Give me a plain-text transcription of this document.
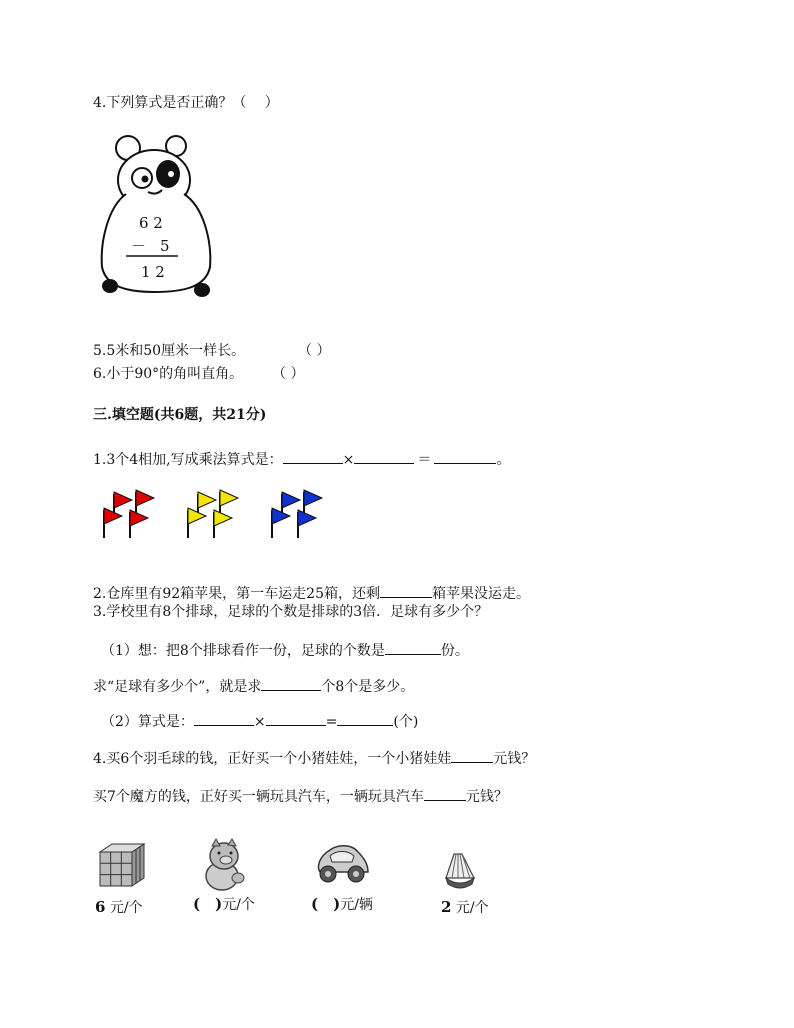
4.下列算式是否正确？（　 ）
6 2
－ 5
1 2
5.5米和50厘米一样长。	（ ）
6.小于90°的角叫直角。 （ ）
三.填空题(共6题，共21分)
1.3个4相加,写成乘法算式是：	×	＝	。
2.仓库里有92箱苹果，第一车运走25箱，还剩	箱苹果没运走。
3.学校里有8个排球，足球的个数是排球的3倍．足球有多少个？
（1）想：把8个排球看作一份，足球的个数是	份。
求“足球有多少个”，就是求	个8个是多少。
（2）算式是：	×	=	(个)
4.买6个羽毛球的钱，正好买一个小猪娃娃，一个小猪娃娃	元钱？
买7个魔方的钱，正好买一辆玩具汽车，一辆玩具汽车	元钱？
6 元/个	(　)元/个	(　)元/辆	2 元/个
